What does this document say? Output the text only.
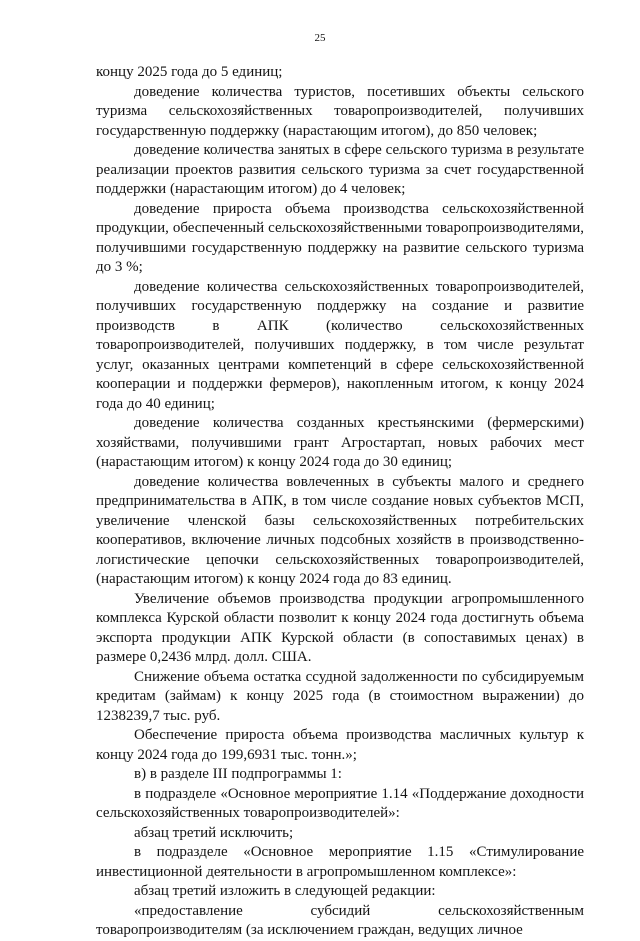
25

концу 2025 года до 5 единиц;

доведение количества туристов, посетивших объекты сельского туризма сельскохозяйственных товаропроизводителей, получивших государственную поддержку (нарастающим итогом), до 850 человек;

доведение количества занятых в сфере сельского туризма в результате реализации проектов развития сельского туризма за счет государственной поддержки (нарастающим итогом) до 4 человек;

доведение прироста объема производства сельскохозяйственной продукции, обеспеченный сельскохозяйственными товаропроизводителями, получившими государственную поддержку на развитие сельского туризма до 3 %;

доведение количества сельскохозяйственных товаропроизводителей, получивших государственную поддержку на создание и развитие производств в АПК (количество сельскохозяйственных товаропроизводителей, получивших поддержку, в том числе результат услуг, оказанных центрами компетенций в сфере сельскохозяйственной кооперации и поддержки фермеров), накопленным итогом, к концу 2024 года до 40 единиц;

доведение количества созданных крестьянскими (фермерскими) хозяйствами, получившими грант Агростартап, новых рабочих мест (нарастающим итогом) к концу 2024 года до 30 единиц;

доведение количества вовлеченных в субъекты малого и среднего предпринимательства в АПК, в том числе создание новых субъектов МСП, увеличение членской базы сельскохозяйственных потребительских кооперативов, включение личных подсобных хозяйств в производственно-логистические цепочки сельскохозяйственных товаропроизводителей, (нарастающим итогом) к концу 2024 года до 83 единиц.

Увеличение объемов производства продукции агропромышленного комплекса Курской области позволит к концу 2024 года достигнуть объема экспорта продукции АПК Курской области (в сопоставимых ценах) в размере 0,2436 млрд. долл. США.

Снижение объема остатка ссудной задолженности по субсидируемым кредитам (займам) к концу 2025 года (в стоимостном выражении) до 1238239,7 тыс. руб.

Обеспечение прироста объема производства масличных культур к концу 2024 года до 199,6931 тыс. тонн.»;

в) в разделе III подпрограммы 1:

в подразделе «Основное мероприятие 1.14 «Поддержание доходности сельскохозяйственных товаропроизводителей»:

абзац третий исключить;

в подразделе «Основное мероприятие 1.15 «Стимулирование инвестиционной деятельности в агропромышленном комплексе»:

абзац третий изложить в следующей редакции:

«предоставление субсидий сельскохозяйственным товаропроизводителям (за исключением граждан, ведущих личное
